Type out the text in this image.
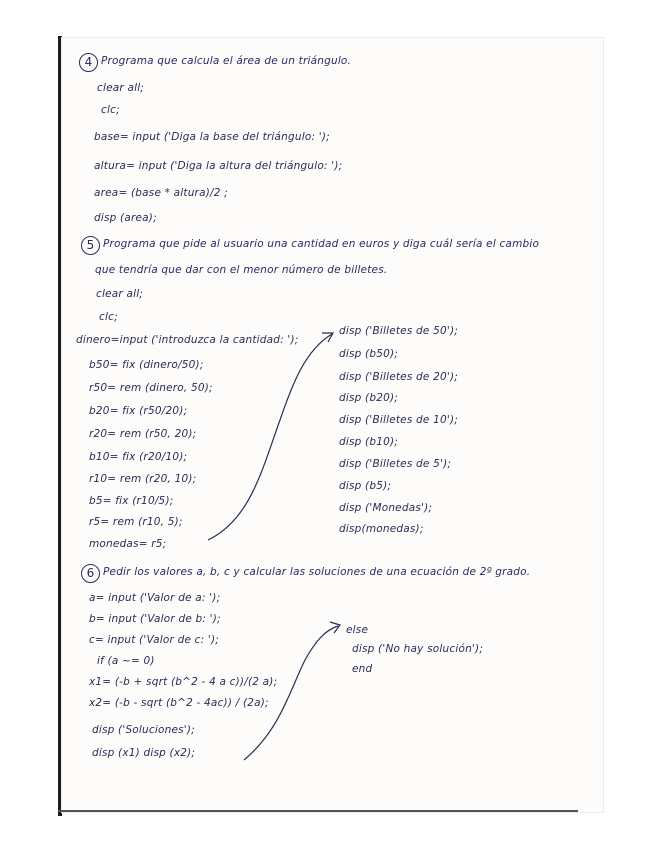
4 Programa que calcula el área de un triángulo.
clear all;
clc;
base= input ('Diga la base del triángulo: ');
altura= input ('Diga la altura del triángulo: ');
area= (base * altura)/2 ;
disp (area);
5 Programa que pide al usuario una cantidad en euros y diga cuál sería el cambio
que tendría que dar con el menor número de billetes.
clear all;
clc;
dinero=input ('introduzca la cantidad: ');
b50= fix (dinero/50);
r50= rem (dinero, 50);
b20= fix (r50/20);
r20= rem (r50, 20);
b10= fix (r20/10);
r10= rem (r20, 10);
b5= fix (r10/5);
r5= rem (r10, 5);
monedas= r5;
disp ('Billetes de 50');
disp (b50);
disp ('Billetes de 20');
disp (b20);
disp ('Billetes de 10');
disp (b10);
disp ('Billetes de 5');
disp (b5);
disp ('Monedas');
disp(monedas);
6 Pedir los valores a, b, c y calcular las soluciones de una ecuación de 2º grado.
a= input ('Valor de a: ');
b= input ('Valor de b: ');
c= input ('Valor de c: ');
if (a ~= 0)
x1= (-b + sqrt (b^2 - 4 a c))/(2 a);
x2= (-b - sqrt (b^2 - 4ac)) / (2a);
disp ('Soluciones');
disp (x1) disp (x2);
else
disp ('No hay solución');
end
